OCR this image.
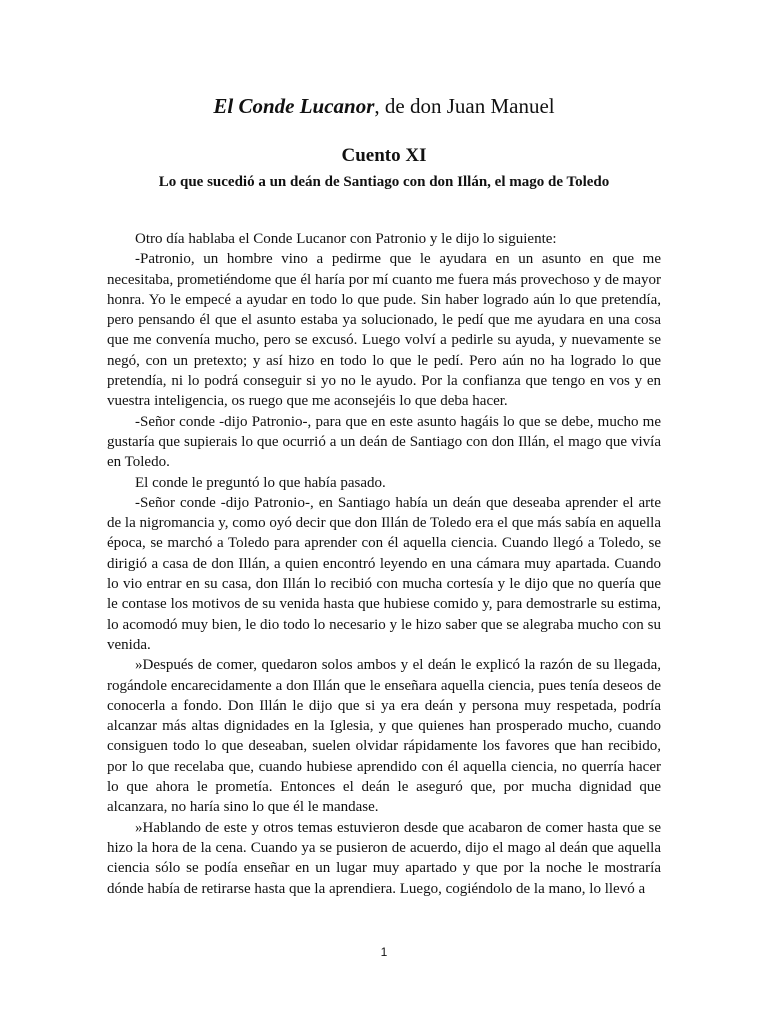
El Conde Lucanor, de don Juan Manuel
Cuento XI
Lo que sucedió a un deán de Santiago con don Illán, el mago de Toledo

Otro día hablaba el Conde Lucanor con Patronio y le dijo lo siguiente:

-Patronio, un hombre vino a pedirme que le ayudara en un asunto en que me necesitaba, prometiéndome que él haría por mí cuanto me fuera más provechoso y de mayor honra. Yo le empecé a ayudar en todo lo que pude. Sin haber logrado aún lo que pretendía, pero pensando él que el asunto estaba ya solucionado, le pedí que me ayudara en una cosa que me convenía mucho, pero se excusó. Luego volví a pedirle su ayuda, y nuevamente se negó, con un pretexto; y así hizo en todo lo que le pedí. Pero aún no ha logrado lo que pretendía, ni lo podrá conseguir si yo no le ayudo. Por la confianza que tengo en vos y en vuestra inteligencia, os ruego que me aconsejéis lo que deba hacer.

-Señor conde -dijo Patronio-, para que en este asunto hagáis lo que se debe, mucho me gustaría que supierais lo que ocurrió a un deán de Santiago con don Illán, el mago que vivía en Toledo.

El conde le preguntó lo que había pasado.

-Señor conde -dijo Patronio-, en Santiago había un deán que deseaba aprender el arte de la nigromancia y, como oyó decir que don Illán de Toledo era el que más sabía en aquella época, se marchó a Toledo para aprender con él aquella ciencia. Cuando llegó a Toledo, se dirigió a casa de don Illán, a quien encontró leyendo en una cámara muy apartada. Cuando lo vio entrar en su casa, don Illán lo recibió con mucha cortesía y le dijo que no quería que le contase los motivos de su venida hasta que hubiese comido y, para demostrarle su estima, lo acomodó muy bien, le dio todo lo necesario y le hizo saber que se alegraba mucho con su venida.

»Después de comer, quedaron solos ambos y el deán le explicó la razón de su llegada, rogándole encarecidamente a don Illán que le enseñara aquella ciencia, pues tenía deseos de conocerla a fondo. Don Illán le dijo que si ya era deán y persona muy respetada, podría alcanzar más altas dignidades en la Iglesia, y que quienes han prosperado mucho, cuando consiguen todo lo que deseaban, suelen olvidar rápidamente los favores que han recibido, por lo que recelaba que, cuando hubiese aprendido con él aquella ciencia, no querría hacer lo que ahora le prometía. Entonces el deán le aseguró que, por mucha dignidad que alcanzara, no haría sino lo que él le mandase.

»Hablando de este y otros temas estuvieron desde que acabaron de comer hasta que se hizo la hora de la cena. Cuando ya se pusieron de acuerdo, dijo el mago al deán que aquella ciencia sólo se podía enseñar en un lugar muy apartado y que por la noche le mostraría dónde había de retirarse hasta que la aprendiera. Luego, cogiéndolo de la mano, lo llevó a

1
